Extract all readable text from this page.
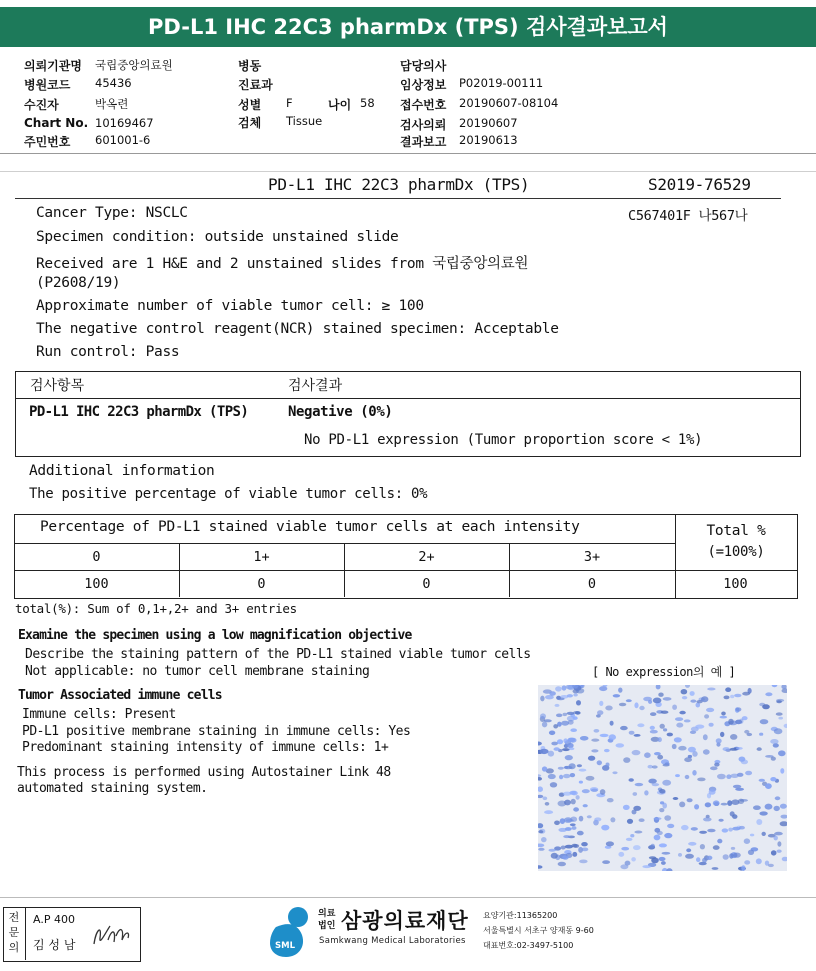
PD-L1 IHC 22C3 pharmDx (TPS) 검사결과보고서
의뢰기관명 국립중앙의료원
병원코드 45436
수진자	박옥련
Chart No. 10169467
주민번호 601001-6
병동
진료과
성별 F	나이 58
검체 Tissue
담당의사
임상정보 P02019-00111
접수번호 20190607-08104
검사의뢰 20190607
결과보고 20190613
PD-L1 IHC 22C3 pharmDx (TPS)	S2019-76529
C567401F 나567나
Cancer Type: NSCLC
Specimen condition: outside unstained slide
Received are 1 H&E and 2 unstained slides from 국립중앙의료원
(P2608/19)
Approximate number of viable tumor cell: ≥ 100
The negative control reagent(NCR) stained specimen: Acceptable
Run control: Pass
검사항목	검사결과
PD-L1 IHC 22C3 pharmDx (TPS)	Negative (0%)
No PD-L1 expression (Tumor proportion score < 1%)
Additional information
The positive percentage of viable tumor cells: 0%
Percentage of PD-L1 stained viable tumor cells at each intensity	Total %
(=100%)
0	1+	2+	3+
100	0	0	0	100
total(%): Sum of 0,1+,2+ and 3+ entries
Examine the specimen using a low magnification objective
Describe the staining pattern of the PD-L1 stained viable tumor cells
Not applicable: no tumor cell membrane staining	[ No expression의 예 ]
Tumor Associated immune cells
Immune cells: Present
PD-L1 positive membrane staining in immune cells: Yes
Predominant staining intensity of immune cells: 1+
This process is performed using Autostainer Link 48
automated staining system.
전문의
A.P 400
김 성 남	SML
의료
법인 삼광의료재단
Samkwang Medical Laboratories
요양기관:11365200
서울특별시 서초구 양재동 9-60
대표번호:02-3497-5100
